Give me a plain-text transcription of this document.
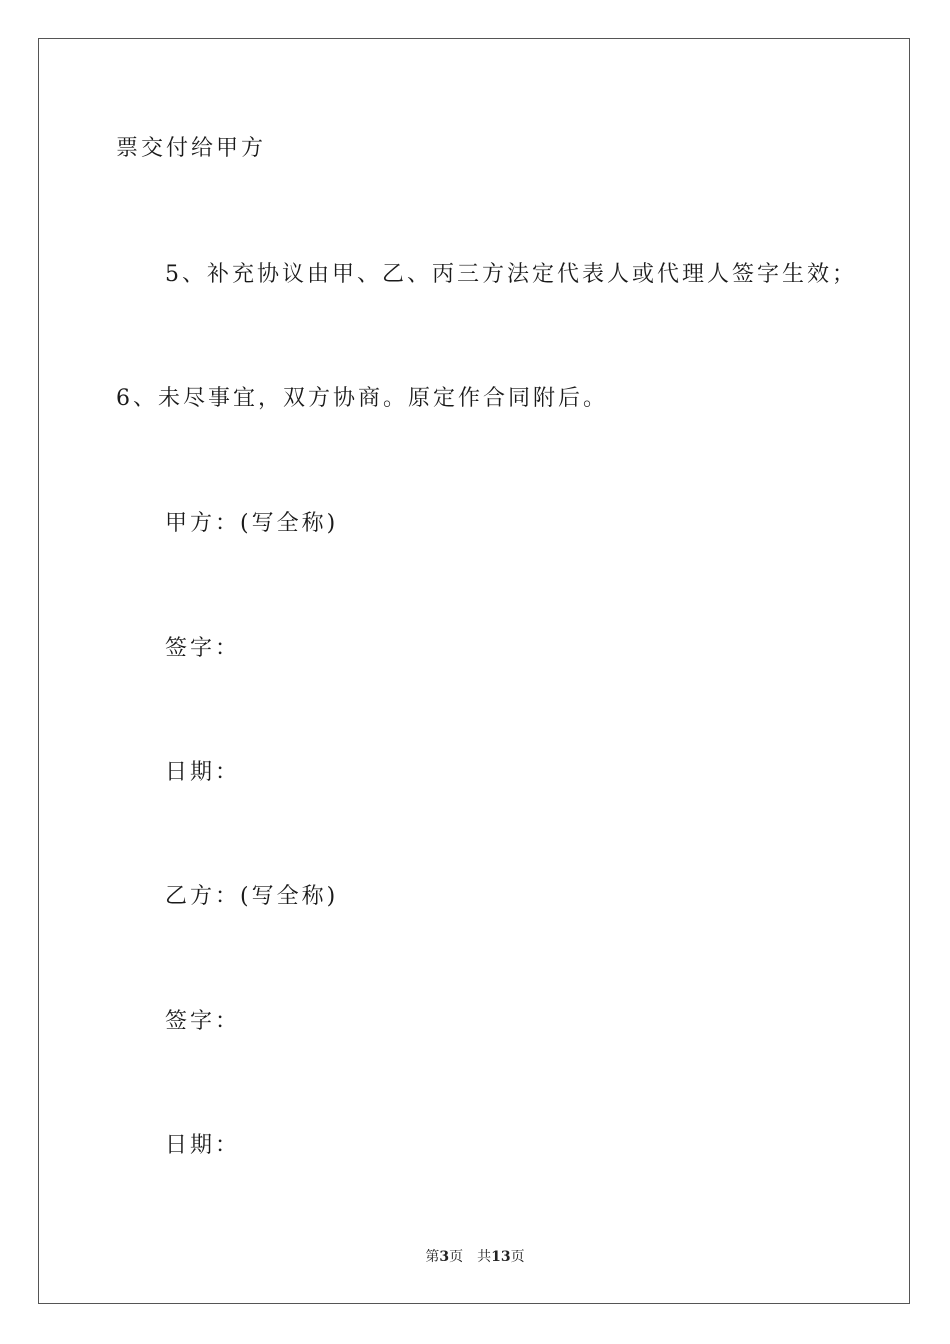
票交付给甲方
5、补充协议由甲、乙、丙三方法定代表人或代理人签字生效；
6、未尽事宜，双方协商。原定作合同附后。
甲方：(写全称)
签字：
日期：
乙方：(写全称)
签字：
日期：
第3页 共13页
